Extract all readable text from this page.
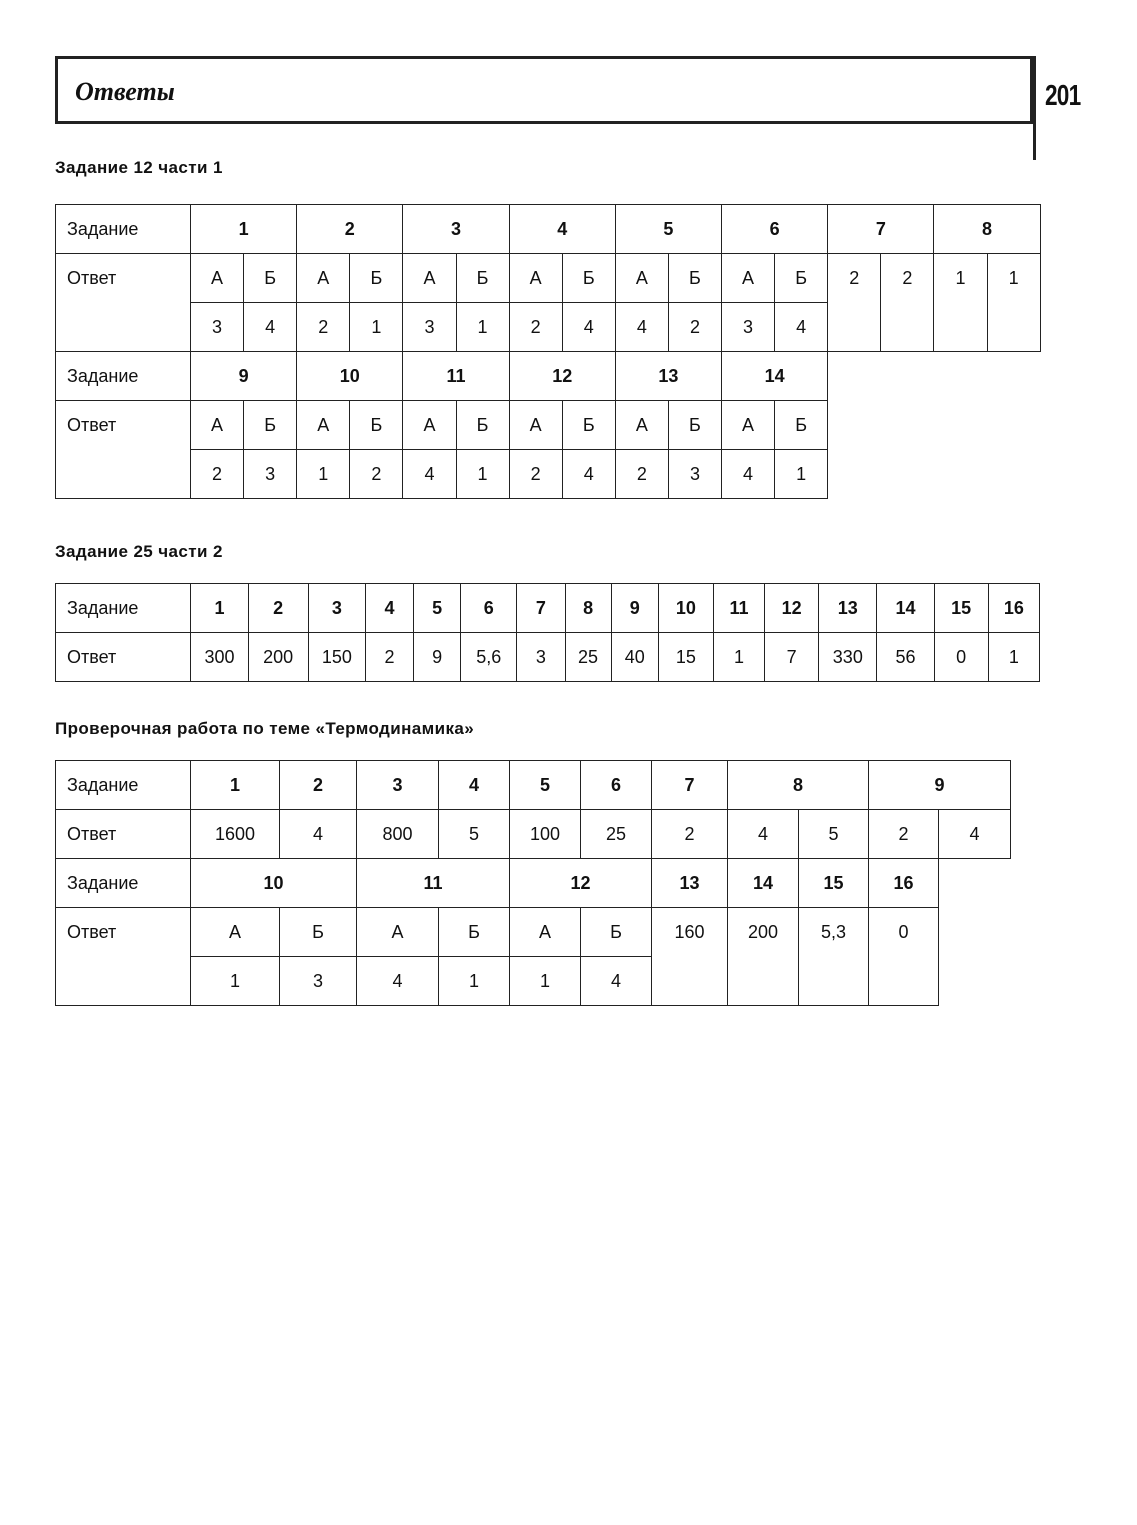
Ответы	201
Задание 12 части 1
Задание	1		2		3		4		5		6		7		8	
Ответ	А	Б	А	Б	А	Б	А	Б	А	Б	А	Б	2	2	1	1
	3	4	2	1	3	1	2	4	4	2	3	4				
Задание	9		10		11		12		13		14					
Ответ	А	Б	А	Б	А	Б	А	Б	А	Б	А	Б				
	2	3	1	2	4	1	2	4	2	3	4	1				
Задание 25 части 2
Задание	1	2	3	4	5	6	7	8	9	10	11	12	13	14	15	16
Ответ	300	200	150	2	9	5,6	3	25	40	15	1	7	330	56	0	1
Проверочная работа по теме «Термодинамика»
Задание	1	2	3	4	5	6	7	8		9	
Ответ	1600	4	800	5	100	25	2	4	5	2	4
Задание	10		11		12		13	14	15	16	
Ответ	А	Б	А	Б	А	Б	160	200	5,3	0	
	1	3	4	1	1	4					
